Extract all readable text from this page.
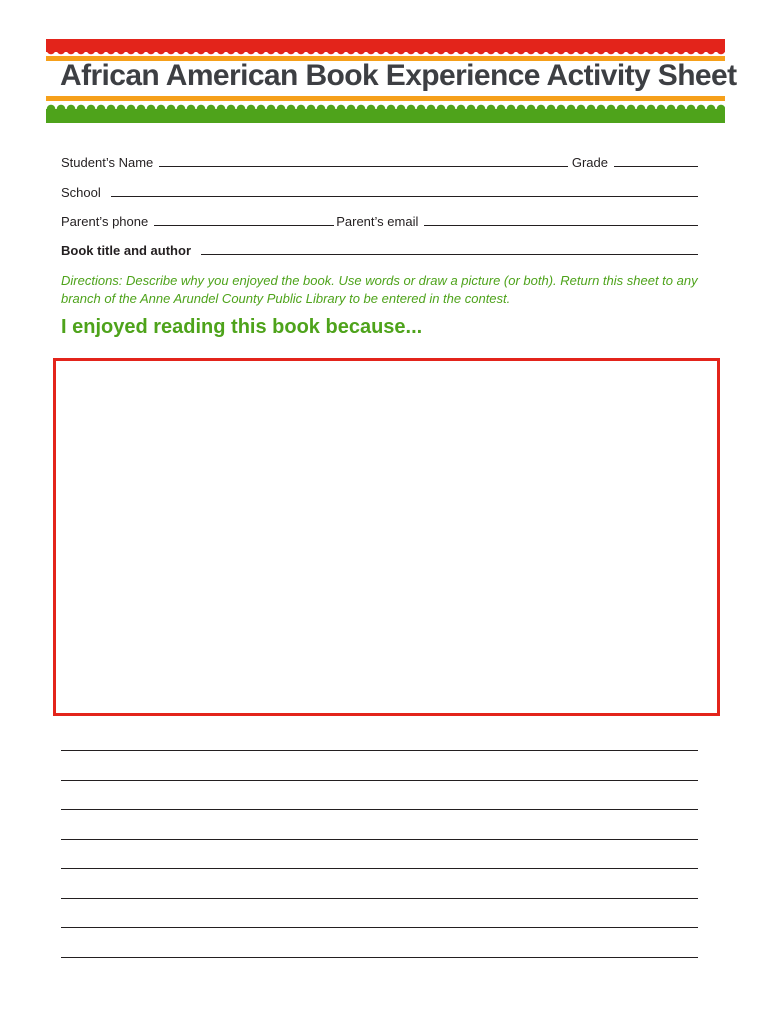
African American Book Experience Activity Sheet
Student’s Name	Grade
School
Parent’s phone	Parent’s email
Book title and author

Directions: Describe why you enjoyed the book. Use words or draw a picture (or both). Return this sheet to any branch of the Anne Arundel County Public Library to be entered in the contest.

I enjoyed reading this book because...
